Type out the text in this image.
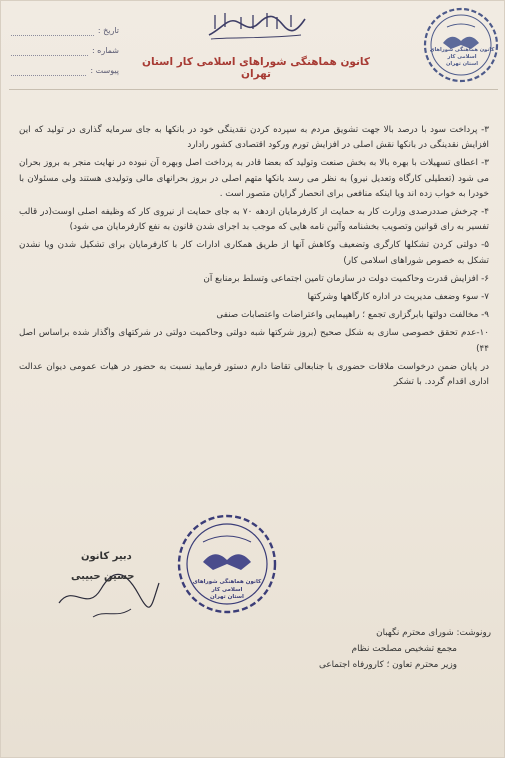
تاریخ :
شماره :
پیوست :
کانون هماهنگی شوراهای اسلامی کار استان تهران
کانون هماهنگی شوراهای اسلامی کار
استان تهران

۳- پرداخت سود با درصد بالا جهت تشویق مردم به سپرده کردن نقدینگی خود در بانکها به جای سرمایه گذاری در تولید که این افزایش نقدینگی در بانکها نقش اصلی در افزایش تورم ورکود اقتصادی کشور رادارد

۳- اعطای تسهیلات با بهره بالا به بخش صنعت وتولید که بعضا قادر به پرداخت اصل وبهره آن نبوده در نهایت منجر به بروز بحران می شود (تعطیلی کارگاه وتعدیل نیرو) به نظر می رسد بانکها متهم اصلی در بروز بحرانهای مالی وتولیدی هستند ولی مسئولان با خودرا به خواب زده اند ویا اینکه منافعی برای انحصار گرایان متصور است .

۴- چرخش صددرصدی وزارت کار به حمایت از کارفرمایان ازدهه ۷۰ به جای حمایت از نیروی کار که وظیفه اصلی اوست(در قالب تفسیر به رای قوانین وتصویب بخشنامه وآئین نامه هایی که موجب بد اجرای شدن قانون به نفع کارفرمایان می شود)

۵- دولتی کردن تشکلها کارگری وتضعیف وکاهش آنها از طریق همکاری ادارات کار با کارفرمایان برای تشکیل شدن ویا نشدن تشکل به خصوص شوراهای اسلامی کار)

۶- افزایش قدرت وحاکمیت دولت در سازمان تامین اجتماعی وتسلط برمنابع آن

۷- سوء وضعف مدیریت در اداره کارگاهها وشرکتها

۹- مخالفت دولتها بابرگزاری تجمع ؛ راهپیمایی واعتراضات واعتصابات صنفی

۱۰-عدم تحقق خصوصی سازی به شکل صحیح (بروز شرکتها شبه دولتی وحاکمیت دولتی در شرکتهای واگذار شده براساس اصل ۴۴)

در پایان ضمن درخواست ملاقات حضوری با جنابعالی تقاضا دارم دستور فرمایید نسبت به حضور در هیات عمومی دیوان عدالت اداری اقدام گردد. با تشکر

کانون هماهنگی شوراهای اسلامی کار
استان تهران
دبیر کانون
حسین حبیبی

رونوشت: شورای محترم نگهبان

مجمع تشخیص مصلحت نظام

وزیر محترم تعاون ؛ کارورفاه اجتماعی
